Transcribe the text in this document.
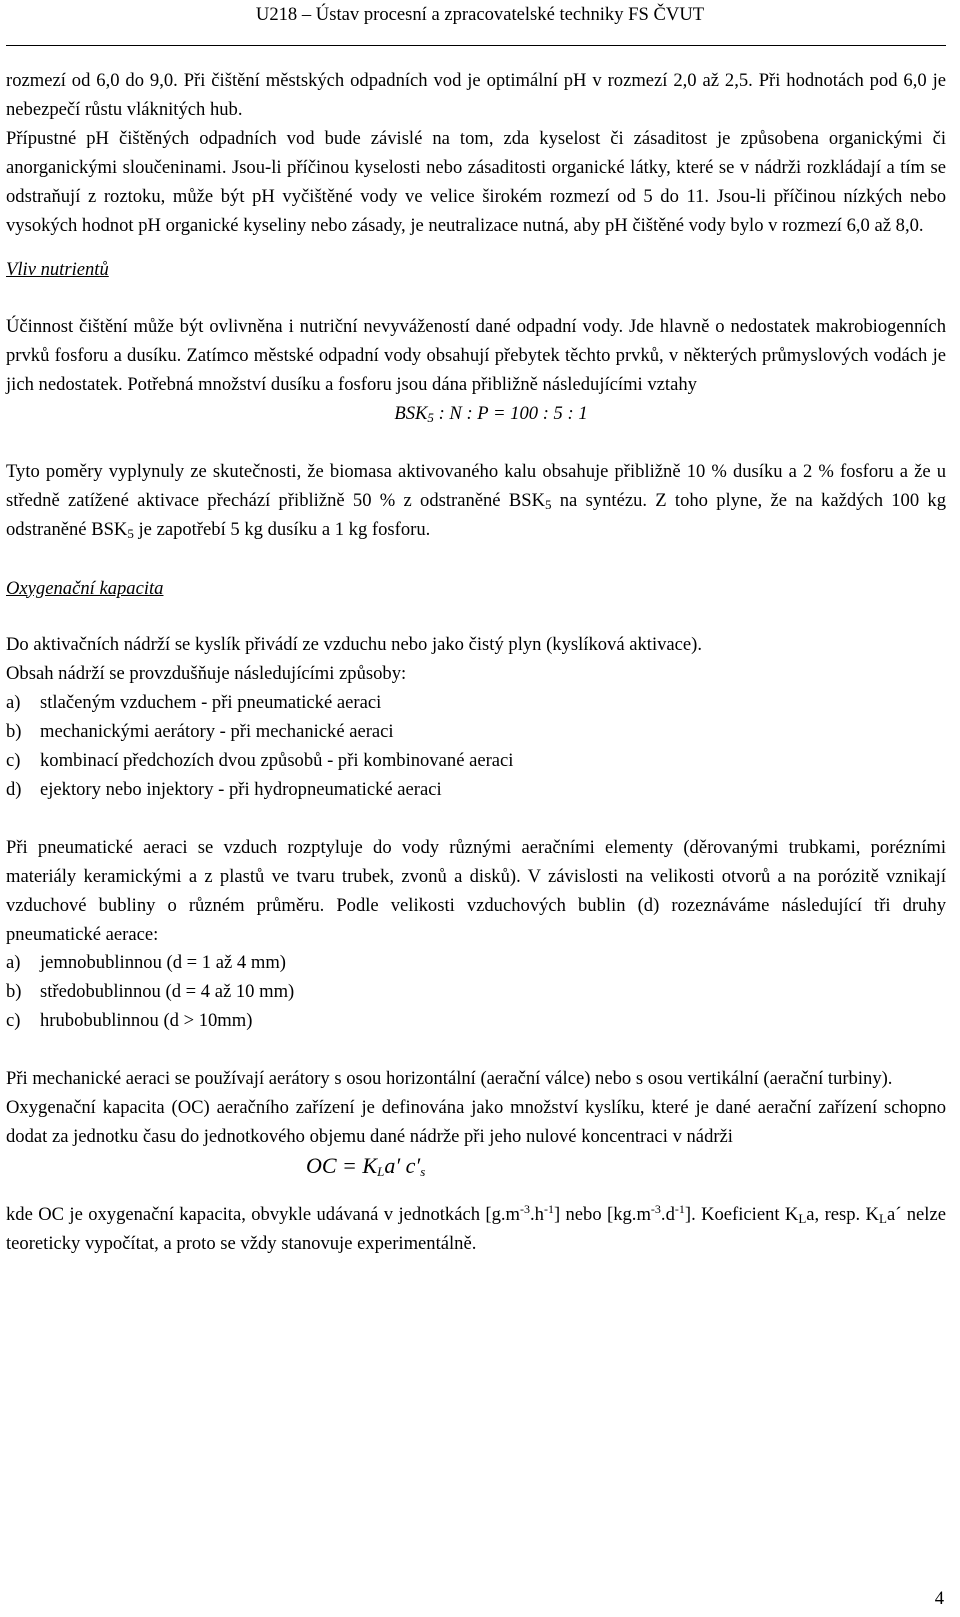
U218 – Ústav procesní a zpracovatelské techniky FS ČVUT

rozmezí od 6,0 do 9,0. Při čištění městských odpadních vod je optimální pH v rozmezí 2,0 až 2,5. Při hodnotách pod 6,0 je nebezpečí růstu vláknitých hub.

Přípustné pH čištěných odpadních vod bude závislé na tom, zda kyselost či zásaditost je způsobena organickými či anorganickými sloučeninami. Jsou-li příčinou kyselosti nebo zásaditosti organické látky, které se v nádrži rozkládají a tím se odstraňují z roztoku, může být pH vyčištěné vody ve velice širokém rozmezí od 5 do 11. Jsou-li příčinou nízkých nebo vysokých hodnot pH organické kyseliny nebo zásady, je neutralizace nutná, aby pH čištěné vody bylo v rozmezí 6,0 až 8,0.

Vliv nutrientů

Účinnost čištění může být ovlivněna i nutriční nevyvážeností dané odpadní vody. Jde hlavně o nedostatek makrobiogenních prvků fosforu a dusíku. Zatímco městské odpadní vody obsahují přebytek těchto prvků, v některých průmyslových vodách je jich nedostatek. Potřebná množství dusíku a fosforu jsou dána přibližně následujícími vztahy

$BSK_5$ : N : P = 100 : 5 : 1

Tyto poměry vyplynuly ze skutečnosti, že biomasa aktivovaného kalu obsahuje přibližně 10 % dusíku a 2 % fosforu a že u středně zatížené aktivace přechází přibližně 50 % z odstraněné $BSK_5$ na syntézu. Z toho plyne, že na každých 100 kg odstraněné $BSK_5$ je zapotřebí 5 kg dusíku a 1 kg fosforu.

Oxygenační kapacita

Do aktivačních nádrží se kyslík přivádí ze vzduchu nebo jako čistý plyn (kyslíková aktivace).

Obsah nádrží se provzdušňuje následujícími způsoby:

a)	stlačeným vzduchem - při pneumatické aeraci
b) mechanickými aerátory - při mechanické aeraci
c)	kombinací předchozích dvou způsobů - při kombinované aeraci
d) ejektory nebo injektory - při hydropneumatické aeraci

Při pneumatické aeraci se vzduch rozptyluje do vody různými aeračními elementy (děrovanými trubkami, porézními materiály keramickými a z plastů ve tvaru trubek, zvonů a disků). V závislosti na velikosti otvorů a na porózitě vznikají vzduchové bubliny o různém průměru. Podle velikosti vzduchových bublin (d) rozeznáváme následující tři druhy pneumatické aerace:

a)	jemnobublinnou (d = 1 až 4 mm)
b) středobublinnou (d = 4 až 10 mm)
c)	hrubobublinnou (d > 10mm)

Při mechanické aeraci se používají aerátory s osou horizontální (aerační válce) nebo s osou vertikální (aerační turbiny).

Oxygenační kapacita (OC) aeračního zařízení je definována jako množství kyslíku, které je dané aerační zařízení schopno dodat za jednotku času do jednotkového objemu dané nádrže při jeho nulové koncentraci v nádrži

OC = $K_La'$ $c'_s$

kde OC je oxygenační kapacita, obvykle udávaná v jednotkách $[g.m^{-3}.h^{-1}]$ nebo $[kg.m^{-3}.d^{-1}]$. Koeficient $K_La$, resp. $K_La´$ nelze teoreticky vypočítat, a proto se vždy stanovuje experimentálně.

4
